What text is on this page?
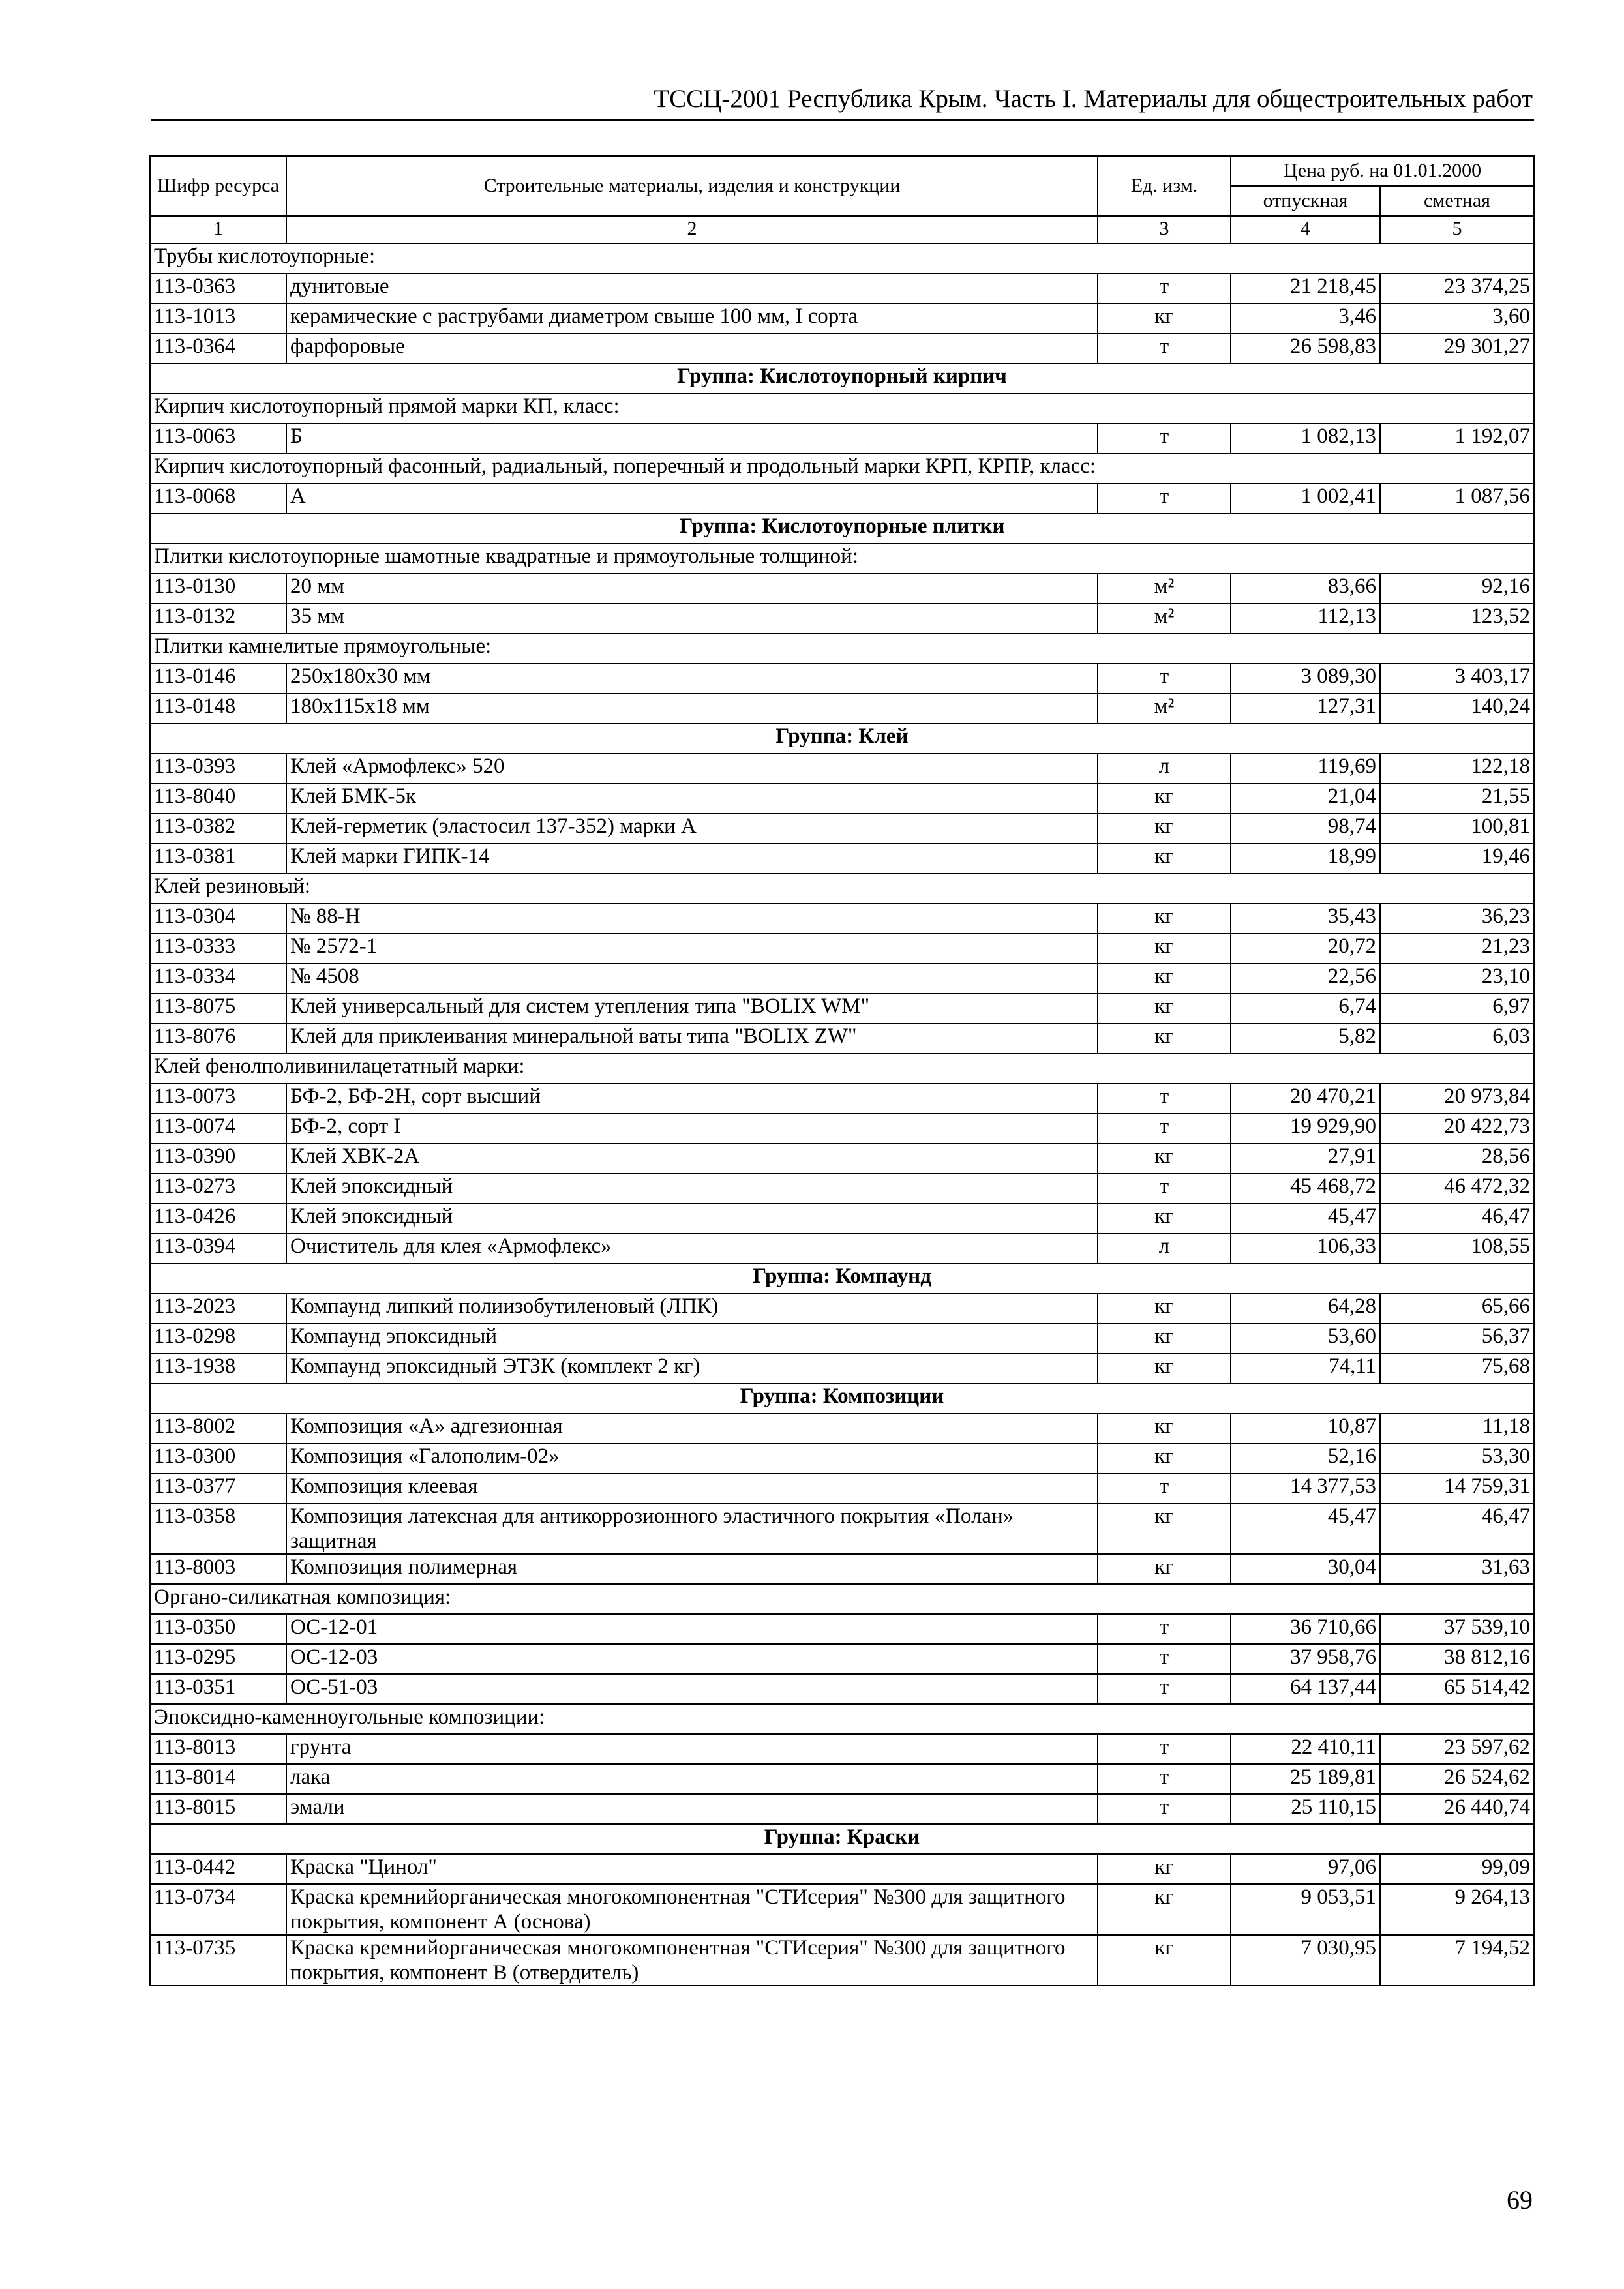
ТССЦ-2001 Республика Крым. Часть I. Материалы для общестроительных работ
Шифр ресурса	Строительные материалы, изделия и конструкции	Ед. изм.	Цена руб. на 01.01.2000	
			отпускная	сметная
1	2	3	4	5
Трубы кислотоупорные:				
113-0363	дунитовые	т	21 218,45	23 374,25
113-1013	керамические с раструбами диаметром свыше 100 мм, I сорта	кг	3,46	3,60
113-0364	фарфоровые	т	26 598,83	29 301,27
Группа: Кислотоупорный кирпич				
Кирпич кислотоупорный прямой марки КП, класс:				
113-0063	Б	т	1 082,13	1 192,07
Кирпич кислотоупорный фасонный, радиальный, поперечный и продольный марки КРП, КРПР, класс:				
113-0068	А	т	1 002,41	1 087,56
Группа: Кислотоупорные плитки				
Плитки кислотоупорные шамотные квадратные и прямоугольные толщиной:				
113-0130	20 мм	м²	83,66	92,16
113-0132	35 мм	м²	112,13	123,52
Плитки камнелитые прямоугольные:				
113-0146	250х180х30 мм	т	3 089,30	3 403,17
113-0148	180х115х18 мм	м²	127,31	140,24
Группа: Клей				
113-0393	Клей «Армофлекс» 520	л	119,69	122,18
113-8040	Клей БМК-5к	кг	21,04	21,55
113-0382	Клей-герметик (эластосил 137-352) марки А	кг	98,74	100,81
113-0381	Клей марки ГИПК-14	кг	18,99	19,46
Клей резиновый:				
113-0304	№ 88-Н	кг	35,43	36,23
113-0333	№ 2572-1	кг	20,72	21,23
113-0334	№ 4508	кг	22,56	23,10
113-8075	Клей универсальный для систем утепления типа "BOLIX WM"	кг	6,74	6,97
113-8076	Клей для приклеивания минеральной ваты типа "BOLIX ZW"	кг	5,82	6,03
Клей фенолполивинилацетатный марки:				
113-0073	БФ-2, БФ-2Н, сорт высший	т	20 470,21	20 973,84
113-0074	БФ-2, сорт I	т	19 929,90	20 422,73
113-0390	Клей ХВК-2А	кг	27,91	28,56
113-0273	Клей эпоксидный	т	45 468,72	46 472,32
113-0426	Клей эпоксидный	кг	45,47	46,47
113-0394	Очиститель для клея «Армофлекс»	л	106,33	108,55
Группа: Компаунд				
113-2023	Компаунд липкий полиизобутиленовый (ЛПК)	кг	64,28	65,66
113-0298	Компаунд эпоксидный	кг	53,60	56,37
113-1938	Компаунд эпоксидный ЭТЗК (комплект 2 кг)	кг	74,11	75,68
Группа: Композиции				
113-8002	Композиция «А» адгезионная	кг	10,87	11,18
113-0300	Композиция «Галополим-02»	кг	52,16	53,30
113-0377	Композиция клеевая	т	14 377,53	14 759,31
113-0358	Композиция латексная для антикоррозионного эластичного покрытия «Полан» защитная	кг	45,47	46,47
113-8003	Композиция полимерная	кг	30,04	31,63
Органо-силикатная композиция:				
113-0350	ОС-12-01	т	36 710,66	37 539,10
113-0295	ОС-12-03	т	37 958,76	38 812,16
113-0351	ОС-51-03	т	64 137,44	65 514,42
Эпоксидно-каменноугольные композиции:				
113-8013	грунта	т	22 410,11	23 597,62
113-8014	лака	т	25 189,81	26 524,62
113-8015	эмали	т	25 110,15	26 440,74
Группа: Краски				
113-0442	Краска "Цинол"	кг	97,06	99,09
113-0734	Краска кремнийорганическая многокомпонентная "СТИсерия" №300 для защитного покрытия, компонент А (основа)	кг	9 053,51	9 264,13
113-0735	Краска кремнийорганическая многокомпонентная "СТИсерия" №300 для защитного покрытия, компонент В (отвердитель)	кг	7 030,95	7 194,52
69
